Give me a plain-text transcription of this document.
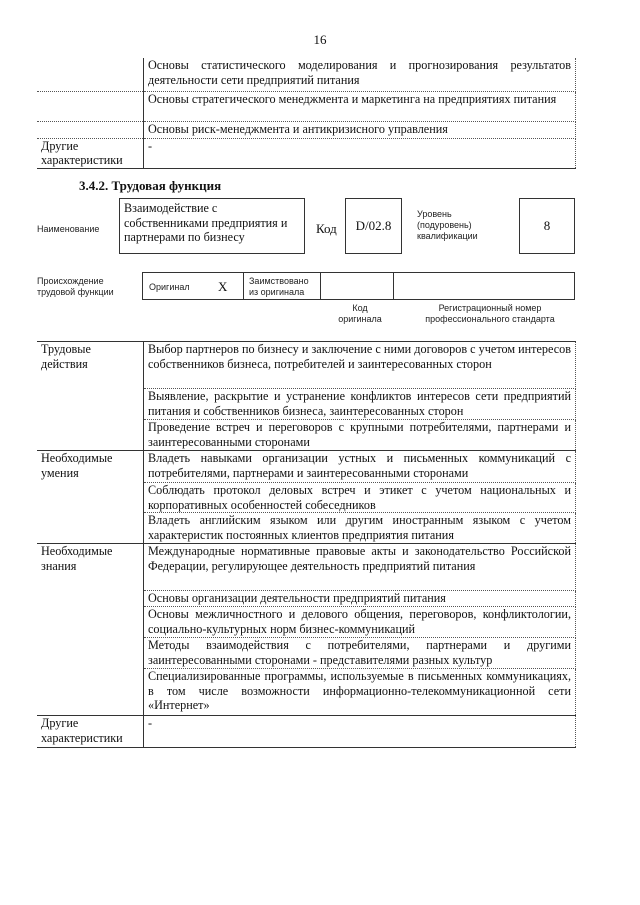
16
	Основы статистического моделирования и прогнозирования результатов деятельности сети предприятий питания
	Основы стратегического менеджмента и маркетинга на предприятиях питания
	Основы риск-менеджмента и антикризисного управления
Другие характеристики	-
3.4.2. Трудовая функция
Наименование
Взаимодействие с собственниками предприятия и партнерами по бизнесу
Код	D/02.8
Уровень (подуровень) квалификации
8
Происхождение трудовой функции	Оригинал X Заимствовано из оригинала
Код оригинала
Регистрационный номер профессионального стандарта
Трудовые действия	Выбор партнеров по бизнесу и заключение с ними договоров с учетом интересов собственников бизнеса, потребителей и заинтересованных сторон
	Выявление, раскрытие и устранение конфликтов интересов сети предприятий питания и собственников бизнеса, заинтересованных сторон
	Проведение встреч и переговоров с крупными потребителями, партнерами и заинтересованными сторонами
Необходимые умения	Владеть навыками организации устных и письменных коммуникаций с потребителями, партнерами и заинтересованными сторонами
	Соблюдать протокол деловых встреч и этикет с учетом национальных и корпоративных особенностей собеседников
	Владеть английским языком или другим иностранным языком с учетом характеристик постоянных клиентов предприятия питания
Необходимые знания	Международные нормативные правовые акты и законодательство Российской Федерации, регулирующее деятельность предприятий питания
	Основы организации деятельности предприятий питания
	Основы межличностного и делового общения, переговоров, конфликтологии, социально-культурных норм бизнес-коммуникаций
	Методы взаимодействия с потребителями, партнерами и другими заинтересованными сторонами - представителями разных культур
	Специализированные программы, используемые в письменных коммуникациях, в том числе возможности информационно-телекоммуникационной сети «Интернет»
Другие характеристики	-
